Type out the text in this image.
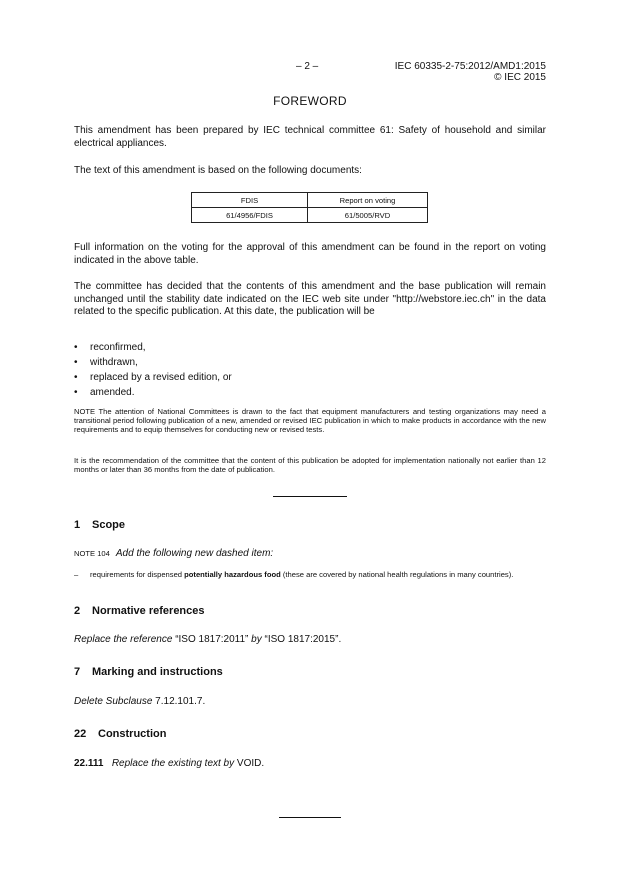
– 2 –	IEC 60335-2-75:2012/AMD1:2015
© IEC 2015
FOREWORD
This amendment has been prepared by IEC technical committee 61: Safety of household and similar electrical appliances.
The text of this amendment is based on the following documents:
FDIS	Report on voting
61/4956/FDIS	61/5005/RVD
Full information on the voting for the approval of this amendment can be found in the report on voting indicated in the above table.
The committee has decided that the contents of this amendment and the base publication will remain unchanged until the stability date indicated on the IEC web site under "http://webstore.iec.ch" in the data related to the specific publication. At this date, the publication will be
• reconfirmed,
• withdrawn,
• replaced by a revised edition, or
• amended.
NOTE The attention of National Committees is drawn to the fact that equipment manufacturers and testing organizations may need a transitional period following publication of a new, amended or revised IEC publication in which to make products in accordance with the new requirements and to equip themselves for conducting new or revised tests.
It is the recommendation of the committee that the content of this publication be adopted for implementation nationally not earlier than 12 months or later than 36 months from the date of publication.
1 Scope
NOTE 104 Add the following new dashed item:
– requirements for dispensed potentially hazardous food (these are covered by national health regulations in many countries).
2 Normative references
Replace the reference “ISO 1817:2011” by “ISO 1817:2015”.
7 Marking and instructions
Delete Subclause 7.12.101.7.
22 Construction
22.111 Replace the existing text by VOID.
